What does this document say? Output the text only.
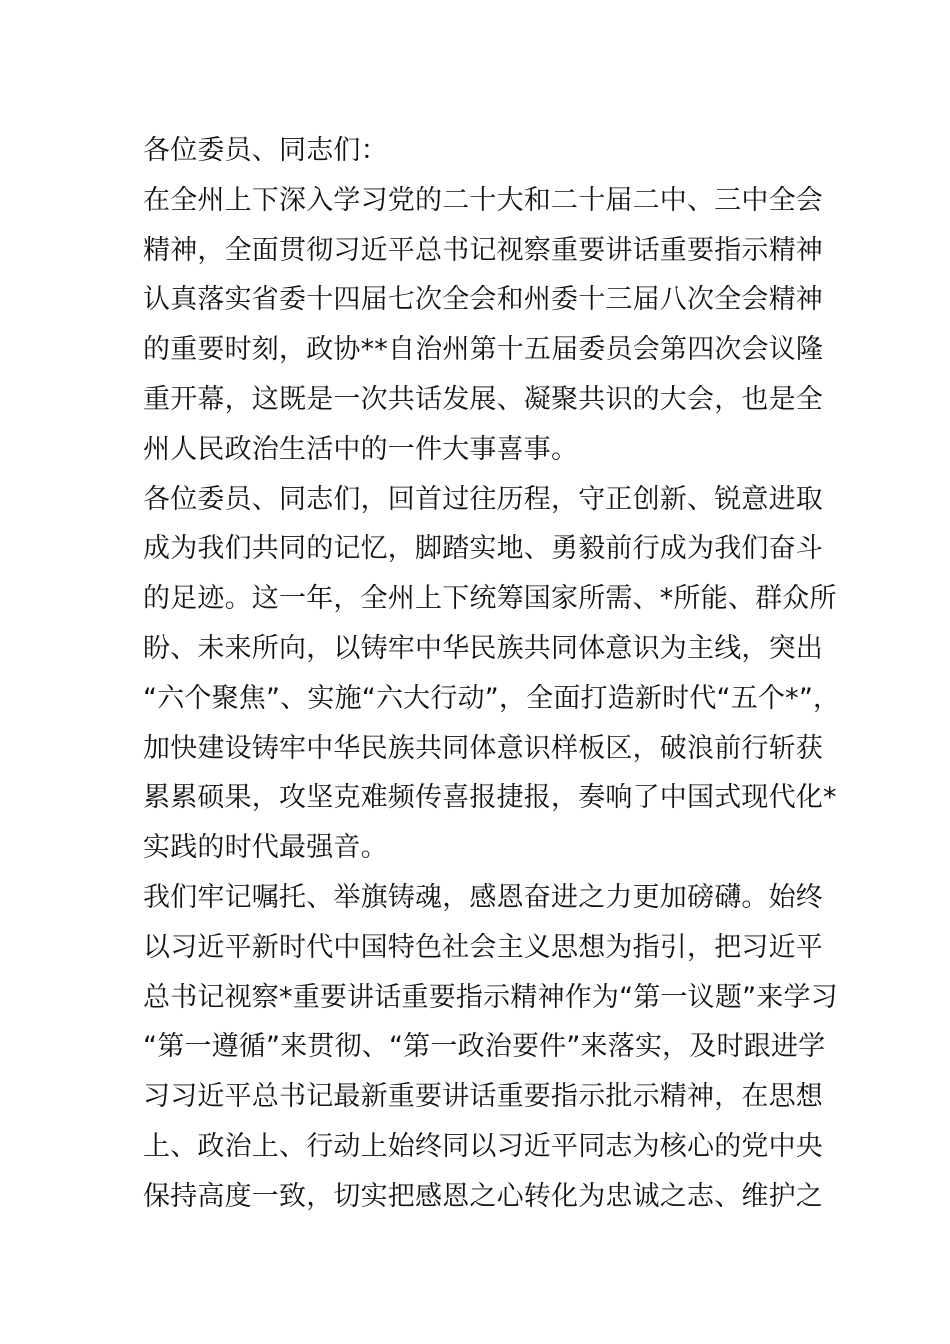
各位委员、同志们：
在全州上下深入学习党的二十大和二十届二中、三中全会
精神，全面贯彻习近平总书记视察重要讲话重要指示精神
认真落实省委十四届七次全会和州委十三届八次全会精神
的重要时刻，政协**自治州第十五届委员会第四次会议隆
重开幕，这既是一次共话发展、凝聚共识的大会，也是全
州人民政治生活中的一件大事喜事。
各位委员、同志们，回首过往历程，守正创新、锐意进取
成为我们共同的记忆，脚踏实地、勇毅前行成为我们奋斗
的足迹。这一年，全州上下统筹国家所需、*所能、群众所
盼、未来所向，以铸牢中华民族共同体意识为主线，突出
“六个聚焦”、实施“六大行动”，全面打造新时代“五个*”，
加快建设铸牢中华民族共同体意识样板区，破浪前行斩获
累累硕果，攻坚克难频传喜报捷报，奏响了中国式现代化*
实践的时代最强音。
我们牢记嘱托、举旗铸魂，感恩奋进之力更加磅礴。始终
以习近平新时代中国特色社会主义思想为指引，把习近平
总书记视察*重要讲话重要指示精神作为“第一议题”来学习
“第一遵循”来贯彻、“第一政治要件”来落实，及时跟进学
习习近平总书记最新重要讲话重要指示批示精神，在思想
上、政治上、行动上始终同以习近平同志为核心的党中央
保持高度一致，切实把感恩之心转化为忠诚之志、维护之
